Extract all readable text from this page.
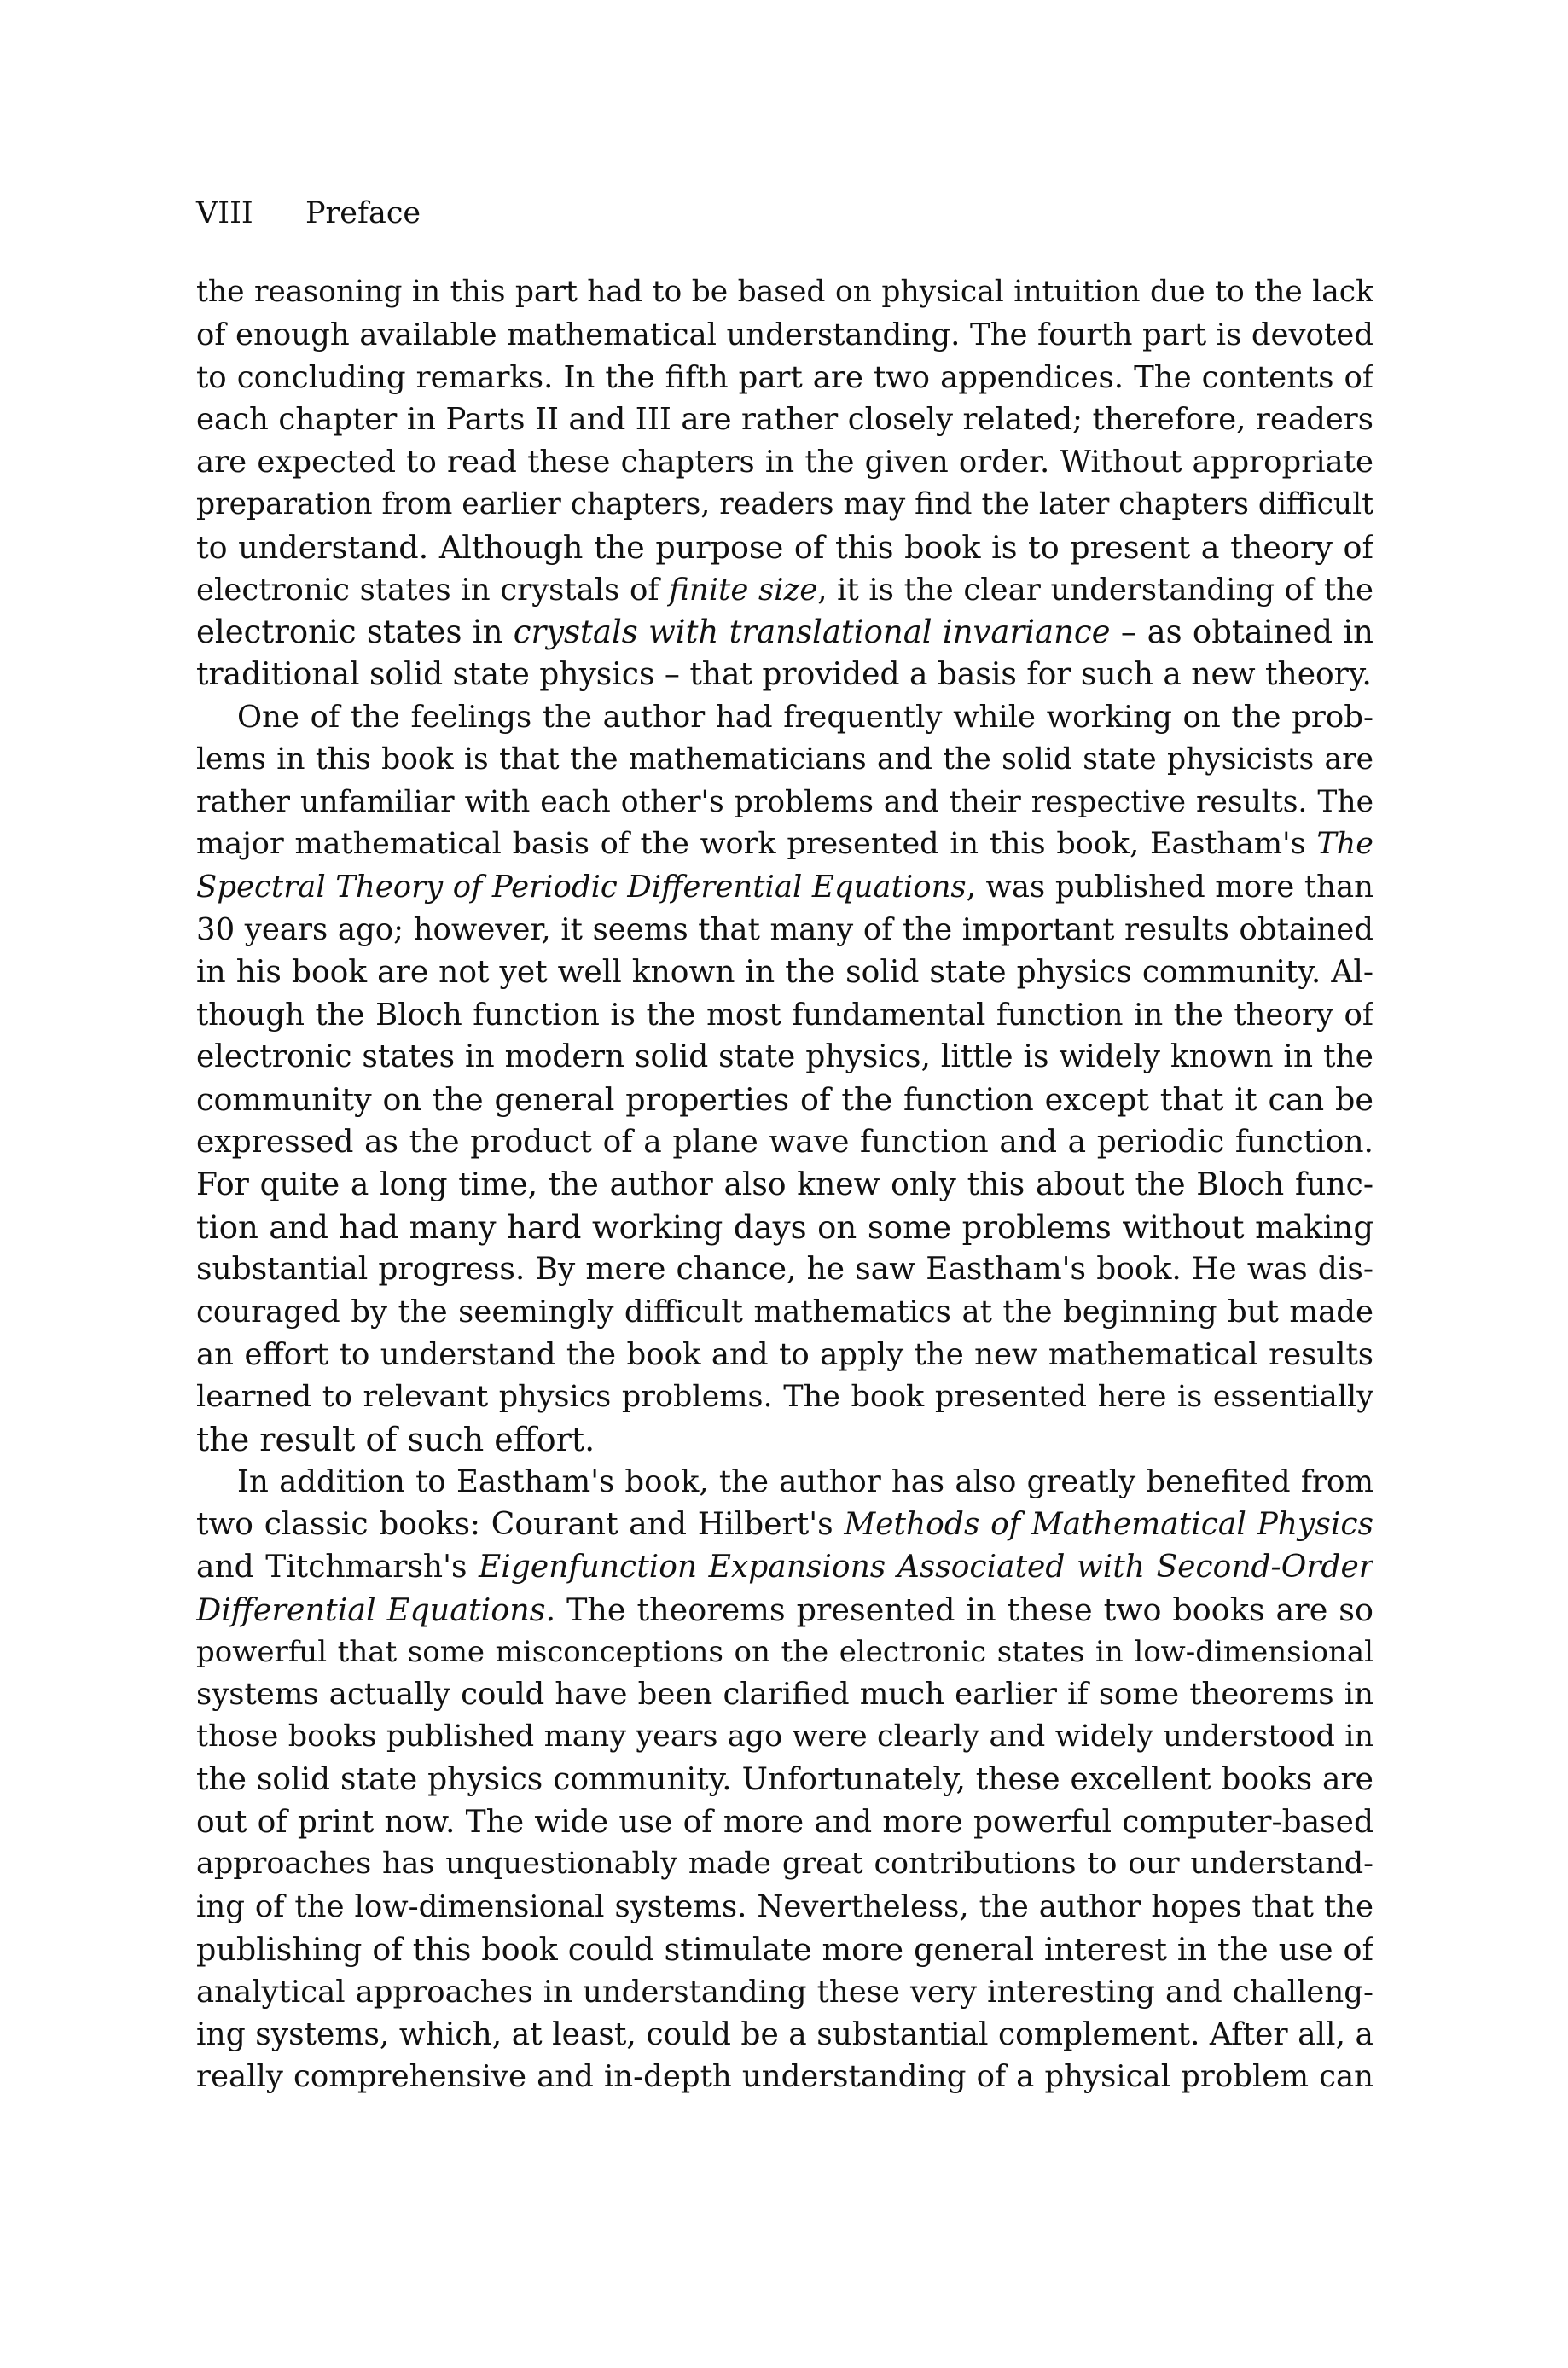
VIII Preface
the reasoning in this part had to be based on physical intuition due to the lack
of enough available mathematical understanding. The fourth part is devoted
to concluding remarks. In the fifth part are two appendices. The contents of
each chapter in Parts II and III are rather closely related; therefore, readers
are expected to read these chapters in the given order. Without appropriate
preparation from earlier chapters, readers may find the later chapters difficult
to understand. Although the purpose of this book is to present a theory of
electronic states in crystals of finite size, it is the clear understanding of the
electronic states in crystals with translational invariance – as obtained in
traditional solid state physics – that provided a basis for such a new theory.
One of the feelings the author had frequently while working on the prob-
lems in this book is that the mathematicians and the solid state physicists are
rather unfamiliar with each other's problems and their respective results. The
major mathematical basis of the work presented in this book, Eastham's The
Spectral Theory of Periodic Differential Equations, was published more than
30 years ago; however, it seems that many of the important results obtained
in his book are not yet well known in the solid state physics community. Al-
though the Bloch function is the most fundamental function in the theory of
electronic states in modern solid state physics, little is widely known in the
community on the general properties of the function except that it can be
expressed as the product of a plane wave function and a periodic function.
For quite a long time, the author also knew only this about the Bloch func-
tion and had many hard working days on some problems without making
substantial progress. By mere chance, he saw Eastham's book. He was dis-
couraged by the seemingly difficult mathematics at the beginning but made
an effort to understand the book and to apply the new mathematical results
learned to relevant physics problems. The book presented here is essentially
the result of such effort.
In addition to Eastham's book, the author has also greatly benefited from
two classic books: Courant and Hilbert's Methods of Mathematical Physics
and Titchmarsh's Eigenfunction Expansions Associated with Second-Order
Differential Equations. The theorems presented in these two books are so
powerful that some misconceptions on the electronic states in low-dimensional
systems actually could have been clarified much earlier if some theorems in
those books published many years ago were clearly and widely understood in
the solid state physics community. Unfortunately, these excellent books are
out of print now. The wide use of more and more powerful computer-based
approaches has unquestionably made great contributions to our understand-
ing of the low-dimensional systems. Nevertheless, the author hopes that the
publishing of this book could stimulate more general interest in the use of
analytical approaches in understanding these very interesting and challeng-
ing systems, which, at least, could be a substantial complement. After all, a
really comprehensive and in-depth understanding of a physical problem can
